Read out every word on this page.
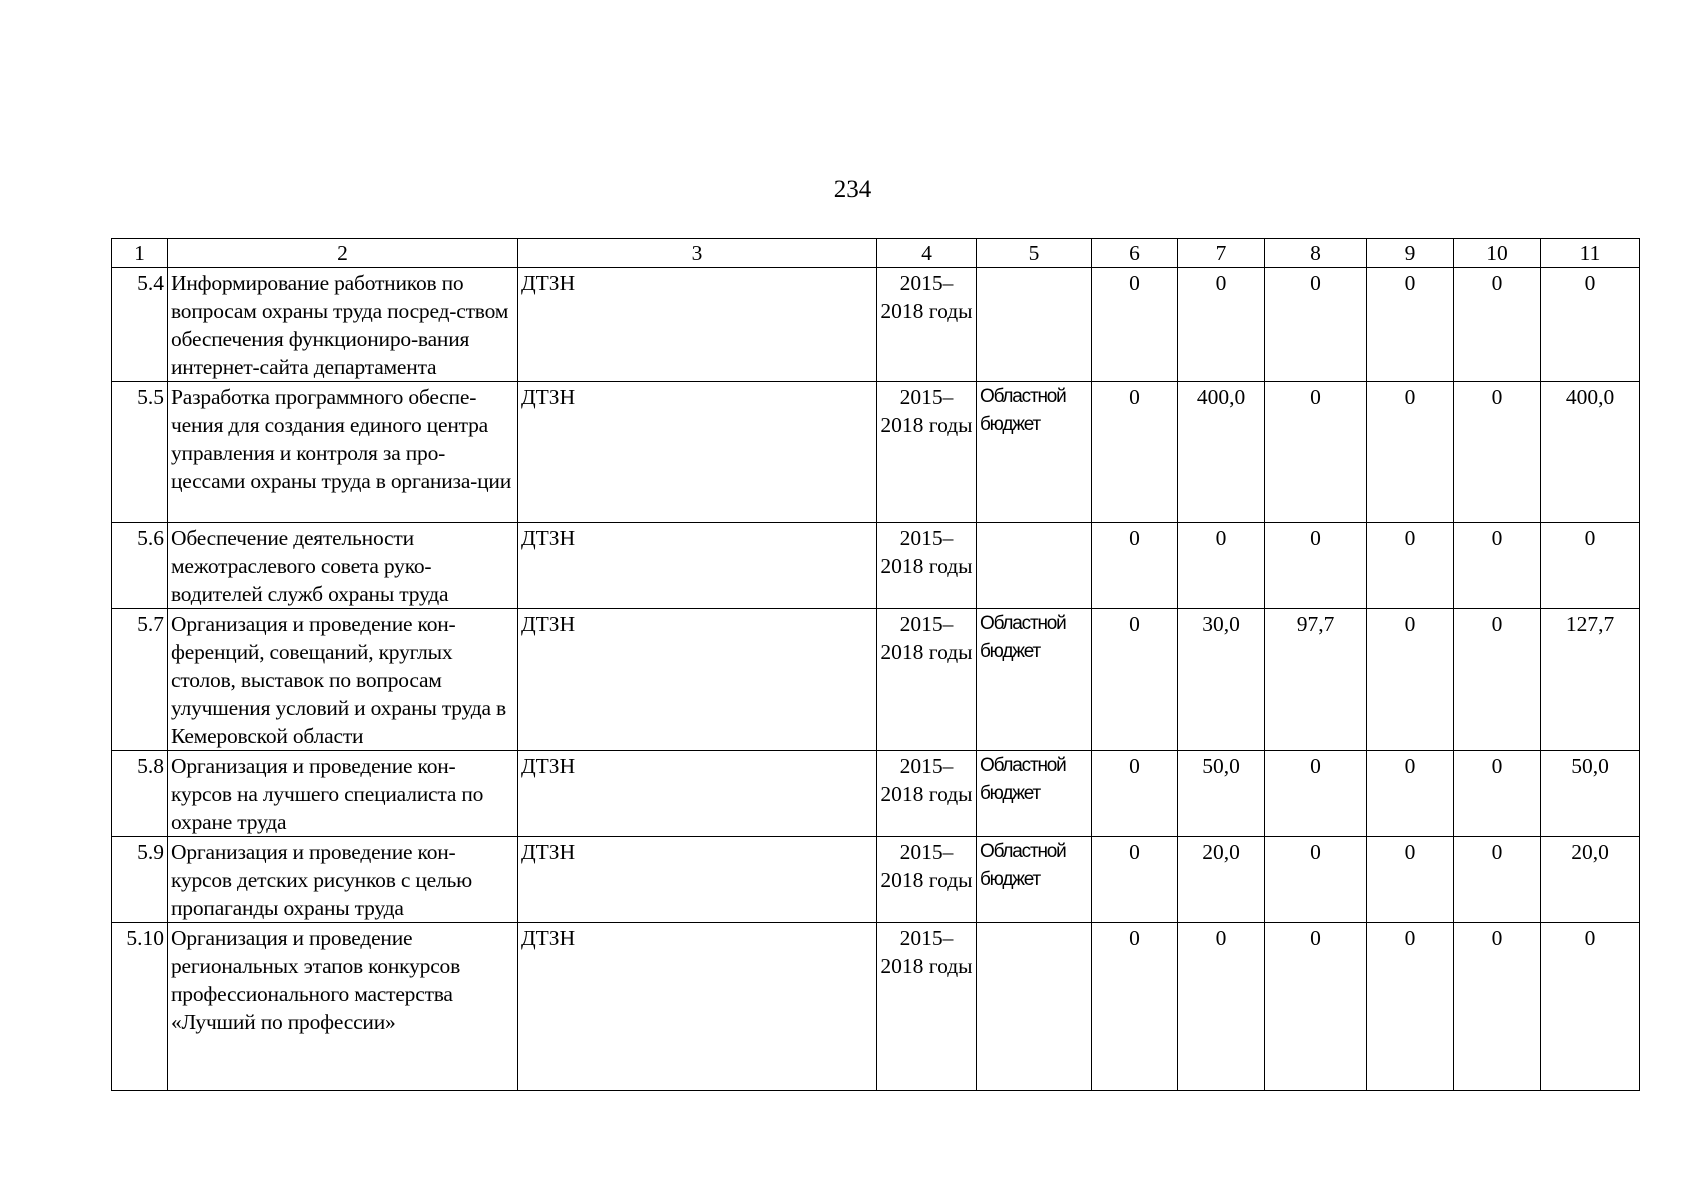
234
1	2	3	4	5	6	7	8	9	10	11
5.4	Информирование работников по вопросам охраны труда посред-ством обеспечения функциониро-вания интернет-сайта департамента	ДТЗН	2015–2018 годы		0	0	0	0	0	0
5.5	Разработка программного обеспе-чения для создания единого центра управления и контроля за про-цессами охраны труда в организа-ции	ДТЗН	2015–2018 годы	Областной бюджет	0	400,0	0	0	0	400,0
5.6	Обеспечение деятельности межотраслевого совета руко-водителей служб охраны труда	ДТЗН	2015–2018 годы		0	0	0	0	0	0
5.7	Организация и проведение кон-ференций, совещаний, круглых столов, выставок по вопросам улучшения условий и охраны труда в Кемеровской области	ДТЗН	2015–2018 годы	Областной бюджет	0	30,0	97,7	0	0	127,7
5.8	Организация и проведение кон-курсов на лучшего специалиста по охране труда	ДТЗН	2015–2018 годы	Областной бюджет	0	50,0	0	0	0	50,0
5.9	Организация и проведение кон-курсов детских рисунков с целью пропаганды охраны труда	ДТЗН	2015–2018 годы	Областной бюджет	0	20,0	0	0	0	20,0
5.10	Организация и проведение региональных этапов конкурсов профессионального мастерства «Лучший по профессии»	ДТЗН	2015–2018 годы		0	0	0	0	0	0
